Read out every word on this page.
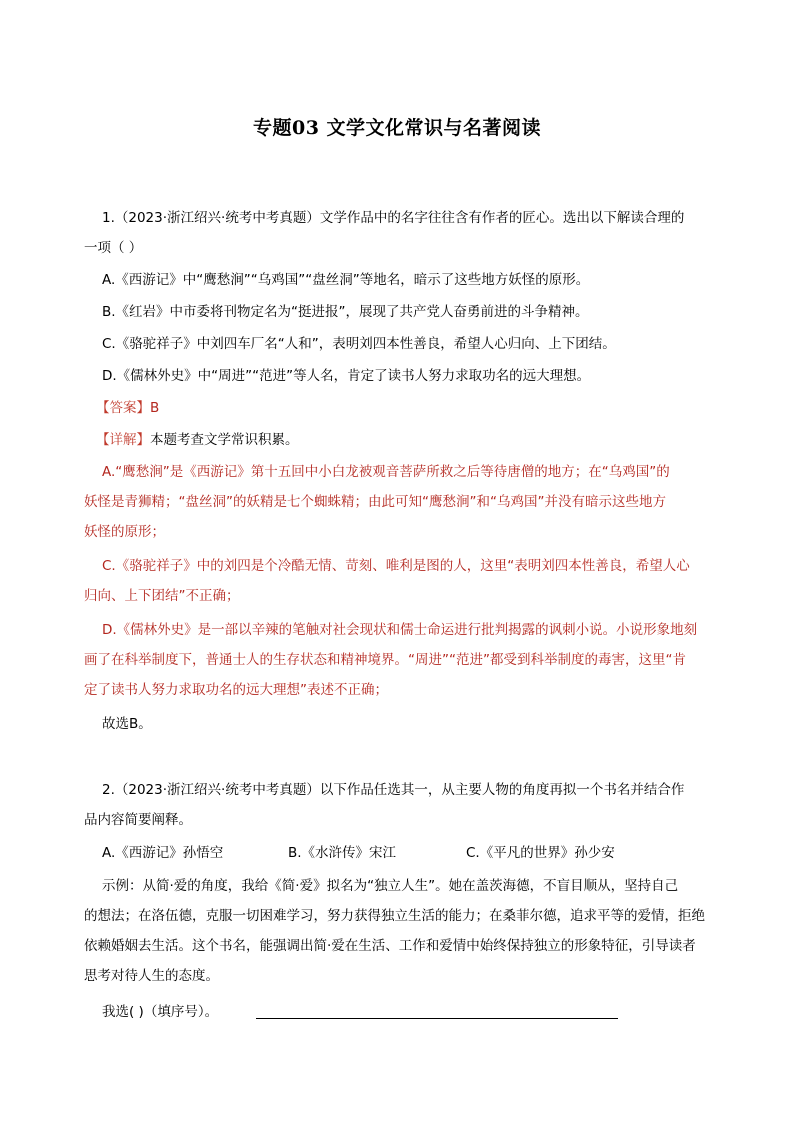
专题03 文学文化常识与名著阅读
1.（2023·浙江绍兴·统考中考真题）文学作品中的名字往往含有作者的匠心。选出以下解读合理的
一项（ ）
A.《西游记》中“鹰愁涧”“乌鸡国”“盘丝洞”等地名，暗示了这些地方妖怪的原形。
B.《红岩》中市委将刊物定名为“挺进报”，展现了共产党人奋勇前进的斗争精神。
C.《骆驼祥子》中刘四车厂名“人和”，表明刘四本性善良，希望人心归向、上下团结。
D.《儒林外史》中“周进”“范进”等人名，肯定了读书人努力求取功名的远大理想。
【答案】B
【详解】本题考查文学常识积累。
A.“鹰愁涧”是《西游记》第十五回中小白龙被观音菩萨所救之后等待唐僧的地方；在“乌鸡国”的
妖怪是青狮精；“盘丝洞”的妖精是七个蜘蛛精；由此可知“鹰愁涧”和“乌鸡国”并没有暗示这些地方
妖怪的原形；
C.《骆驼祥子》中的刘四是个冷酷无情、苛刻、唯利是图的人，这里“表明刘四本性善良，希望人心
归向、上下团结”不正确；
D.《儒林外史》是一部以辛辣的笔触对社会现状和儒士命运进行批判揭露的讽刺小说。小说形象地刻
画了在科举制度下，普通士人的生存状态和精神境界。“周进”“范进”都受到科举制度的毒害，这里“肯
定了读书人努力求取功名的远大理想”表述不正确；
故选B。
2.（2023·浙江绍兴·统考中考真题）以下作品任选其一，从主要人物的角度再拟一个书名并结合作
品内容简要阐释。
A.《西游记》孙悟空	B.《水浒传》宋江	C.《平凡的世界》孙少安
示例：从简·爱的角度，我给《简·爱》拟名为“独立人生”。她在盖茨海德，不盲目顺从，坚持自己
的想法；在洛伍德，克服一切困难学习，努力获得独立生活的能力；在桑菲尔德，追求平等的爱情，拒绝
依赖婚姻去生活。这个书名，能强调出简·爱在生活、工作和爱情中始终保持独立的形象特征，引导读者
思考对待人生的态度。
我选( )（填序号）。
